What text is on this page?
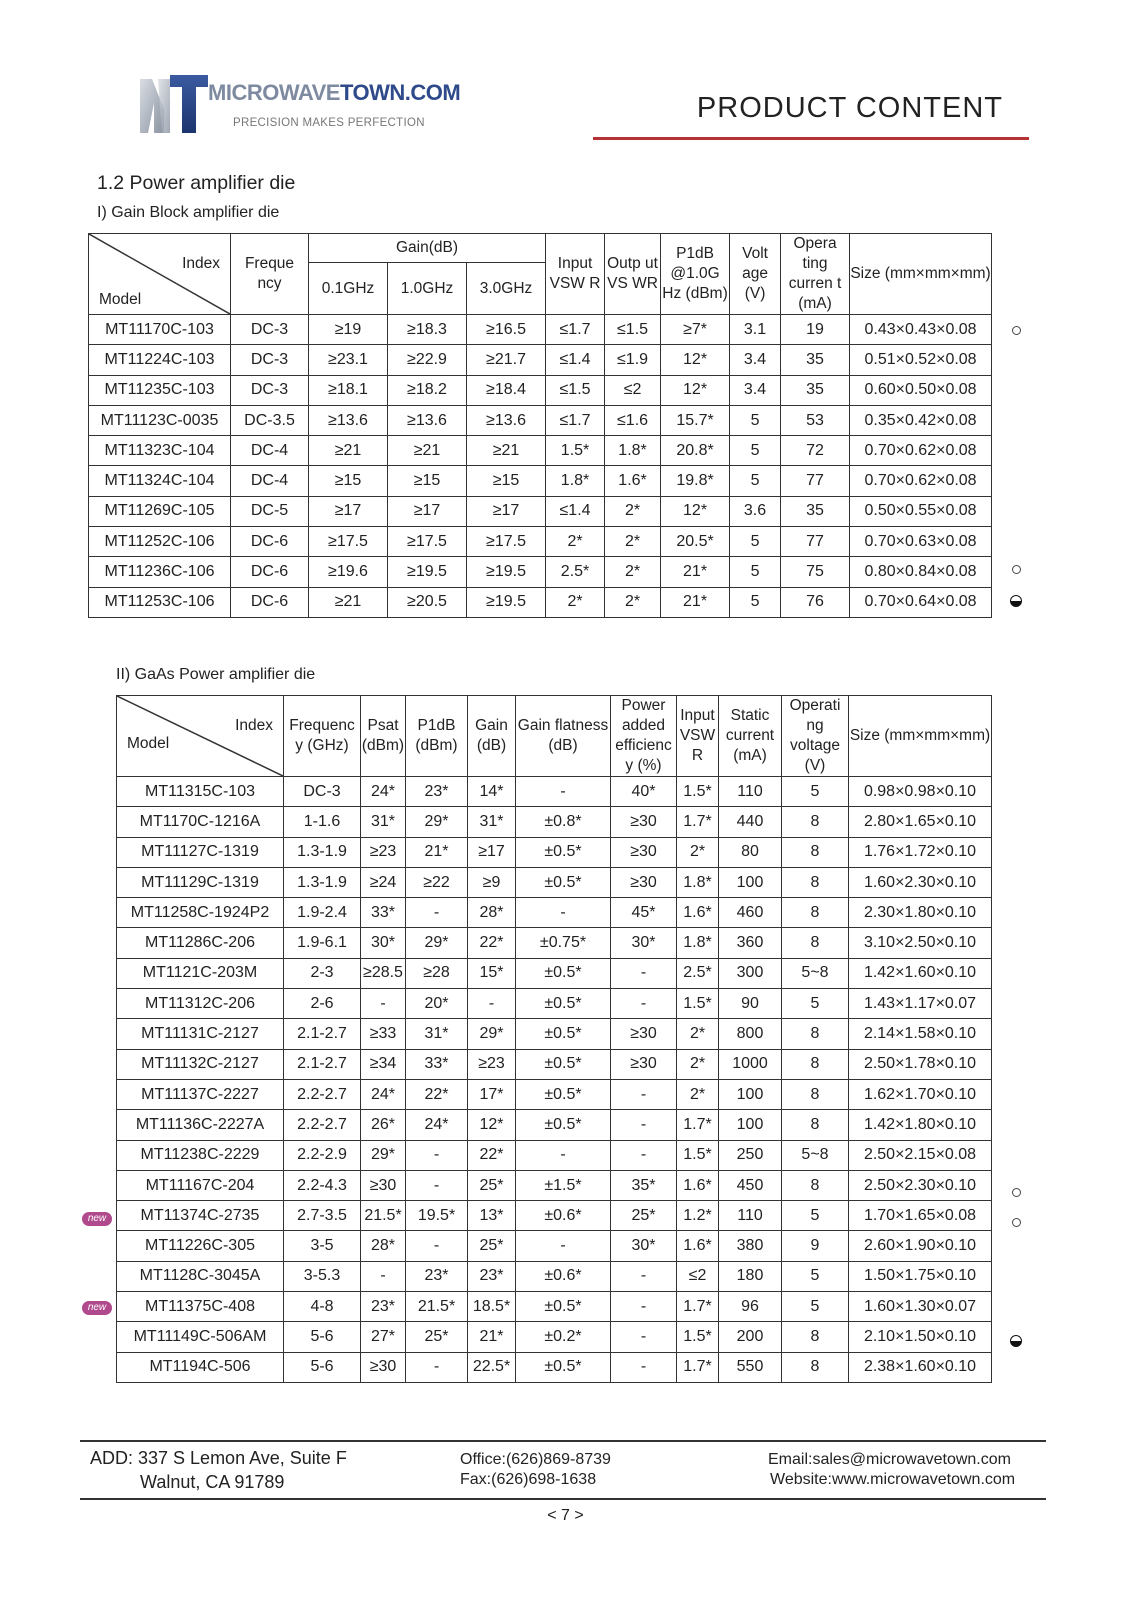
MICROWAVETOWN.COM
PRECISION MAKES PERFECTION	PRODUCT CONTENT
1.2 Power amplifier die
I) Gain Block amplifier die
Index
Model	Freque ncy	Gain(dB)			Input VSW R	Outp ut VS WR	P1dB @1.0G Hz (dBm)	Volt age (V)	Opera ting curren t (mA)	Size (mm×mm×mm)	
		0.1GHz	1.0GHz	3.0GHz							
MT11170C-103	DC-3	≥19	≥18.3	≥16.5	≤1.7	≤1.5	≥7*	3.1	19	0.43×0.43×0.08	
MT11224C-103	DC-3	≥23.1	≥22.9	≥21.7	≤1.4	≤1.9	12*	3.4	35	0.51×0.52×0.08	
MT11235C-103	DC-3	≥18.1	≥18.2	≥18.4	≤1.5	≤2	12*	3.4	35	0.60×0.50×0.08	
MT11123C-0035	DC-3.5	≥13.6	≥13.6	≥13.6	≤1.7	≤1.6	15.7*	5	53	0.35×0.42×0.08	
MT11323C-104	DC-4	≥21	≥21	≥21	1.5*	1.8*	20.8*	5	72	0.70×0.62×0.08	
MT11324C-104	DC-4	≥15	≥15	≥15	1.8*	1.6*	19.8*	5	77	0.70×0.62×0.08	
MT11269C-105	DC-5	≥17	≥17	≥17	≤1.4	2*	12*	3.6	35	0.50×0.55×0.08	
MT11252C-106	DC-6	≥17.5	≥17.5	≥17.5	2*	2*	20.5*	5	77	0.70×0.63×0.08	
MT11236C-106	DC-6	≥19.6	≥19.5	≥19.5	2.5*	2*	21*	5	75	0.80×0.84×0.08	
MT11253C-106	DC-6	≥21	≥20.5	≥19.5	2*	2*	21*	5	76	0.70×0.64×0.08	
II) GaAs Power amplifier die
Index
Model	Frequenc y (GHz)	Psat (dBm)	P1dB (dBm)	Gain (dB)	Gain flatness (dB)	Power added efficienc y (%)	Input VSW R	Static current (mA)	Operati ng voltage (V)	Size (mm×mm×mm)	
MT11315C-103	DC-3	24*	23*	14*	-	40*	1.5*	110	5	0.98×0.98×0.10	
MT1170C-1216A	1-1.6	31*	29*	31*	±0.8*	≥30	1.7*	440	8	2.80×1.65×0.10	
MT11127C-1319	1.3-1.9	≥23	21*	≥17	±0.5*	≥30	2*	80	8	1.76×1.72×0.10	
MT11129C-1319	1.3-1.9	≥24	≥22	≥9	±0.5*	≥30	1.8*	100	8	1.60×2.30×0.10	
MT11258C-1924P2	1.9-2.4	33*	-	28*	-	45*	1.6*	460	8	2.30×1.80×0.10	
MT11286C-206	1.9-6.1	30*	29*	22*	±0.75*	30*	1.8*	360	8	3.10×2.50×0.10	
MT1121C-203M	2-3	≥28.5	≥28	15*	±0.5*	-	2.5*	300	5~8	1.42×1.60×0.10	
MT11312C-206	2-6	-	20*	-	±0.5*	-	1.5*	90	5	1.43×1.17×0.07	
MT11131C-2127	2.1-2.7	≥33	31*	29*	±0.5*	≥30	2*	800	8	2.14×1.58×0.10	
MT11132C-2127	2.1-2.7	≥34	33*	≥23	±0.5*	≥30	2*	1000	8	2.50×1.78×0.10	
MT11137C-2227	2.2-2.7	24*	22*	17*	±0.5*	-	2*	100	8	1.62×1.70×0.10	
MT11136C-2227A	2.2-2.7	26*	24*	12*	±0.5*	-	1.7*	100	8	1.42×1.80×0.10	
MT11238C-2229	2.2-2.9	29*	-	22*	-	-	1.5*	250	5~8	2.50×2.15×0.08	
MT11167C-204	2.2-4.3	≥30	-	25*	±1.5*	35*	1.6*	450	8	2.50×2.30×0.10	
MT11374C-2735	2.7-3.5	21.5*	19.5*	13*	±0.6*	25*	1.2*	110	5	1.70×1.65×0.08	
MT11226C-305	3-5	28*	-	25*	-	30*	1.6*	380	9	2.60×1.90×0.10	
MT1128C-3045A	3-5.3	-	23*	23*	±0.6*	-	≤2	180	5	1.50×1.75×0.10	
MT11375C-408	4-8	23*	21.5*	18.5*	±0.5*	-	1.7*	96	5	1.60×1.30×0.07	
MT11149C-506AM	5-6	27*	25*	21*	±0.2*	-	1.5*	200	8	2.10×1.50×0.10	
MT1194C-506	5-6	≥30	-	22.5*	±0.5*	-	1.7*	550	8	2.38×1.60×0.10	
new
new
ADD: 337 S Lemon Ave, Suite F
Walnut, CA 91789
Office:(626)869-8739
Fax:(626)698-1638
Email:sales@microwavetown.com
Website:www.microwavetown.com
< 7 >
